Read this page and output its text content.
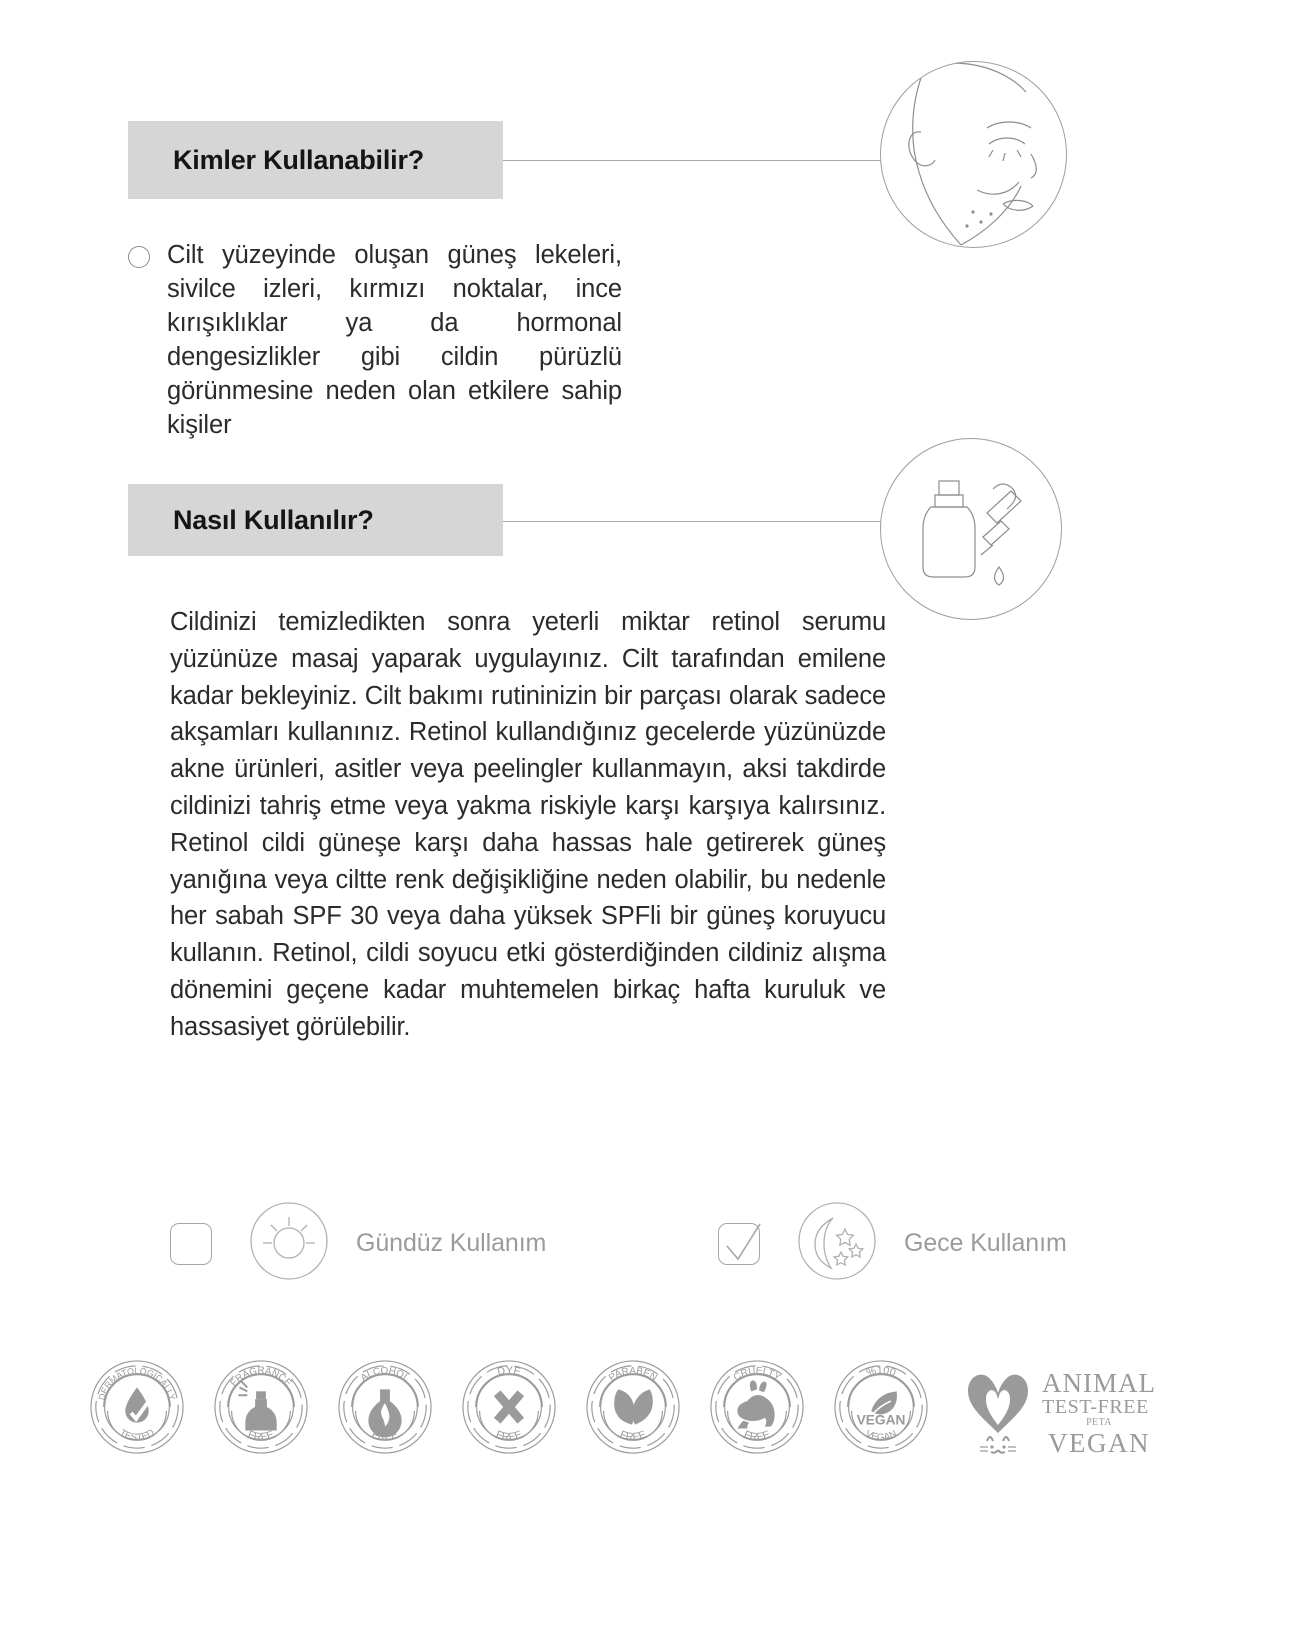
Kimler Kullanabilir?
Cilt yüzeyinde oluşan güneş lekeleri, sivilce izleri, kırmızı noktalar, ince kırışıklıklar ya da hormonal dengesizlikler gibi cildin pürüzlü görünmesine neden olan etkilere sahip kişiler
Nasıl Kullanılır?
Cildinizi temizledikten sonra yeterli miktar retinol serumu yüzünüze masaj yaparak uygulayınız. Cilt tarafından emilene kadar bekleyiniz. Cilt bakımı rutininizin bir parçası olarak sadece akşamları kullanınız. Retinol kullandığınız gecelerde yüzünüzde akne ürünleri, asitler veya peelingler kullanmayın, aksi takdirde cildinizi tahriş etme veya yakma riskiyle karşı karşıya kalırsınız. Retinol cildi güneşe karşı daha hassas hale getirerek güneş yanığına veya ciltte renk değişikliğine neden olabilir, bu nedenle her sabah SPF 30 veya daha yüksek SPFli bir güneş koruyucu kullanın. Retinol, cildi soyucu etki gösterdiğinden cildiniz alışma dönemini geçene kadar muhtemelen birkaç hafta kuruluk ve hassasiyet görülebilir.
Gündüz Kullanım	Gece Kullanım
DERMATOLOGICALLY
TESTED
FRAGRANCE
FREE
ALCOHOL
FREE
DYE
FREE
PARABEN
FREE
CRUELTY
FREE
VEGAN
%100
VEGAN
ANIMAL
TEST-FREE
PETA
VEGAN
